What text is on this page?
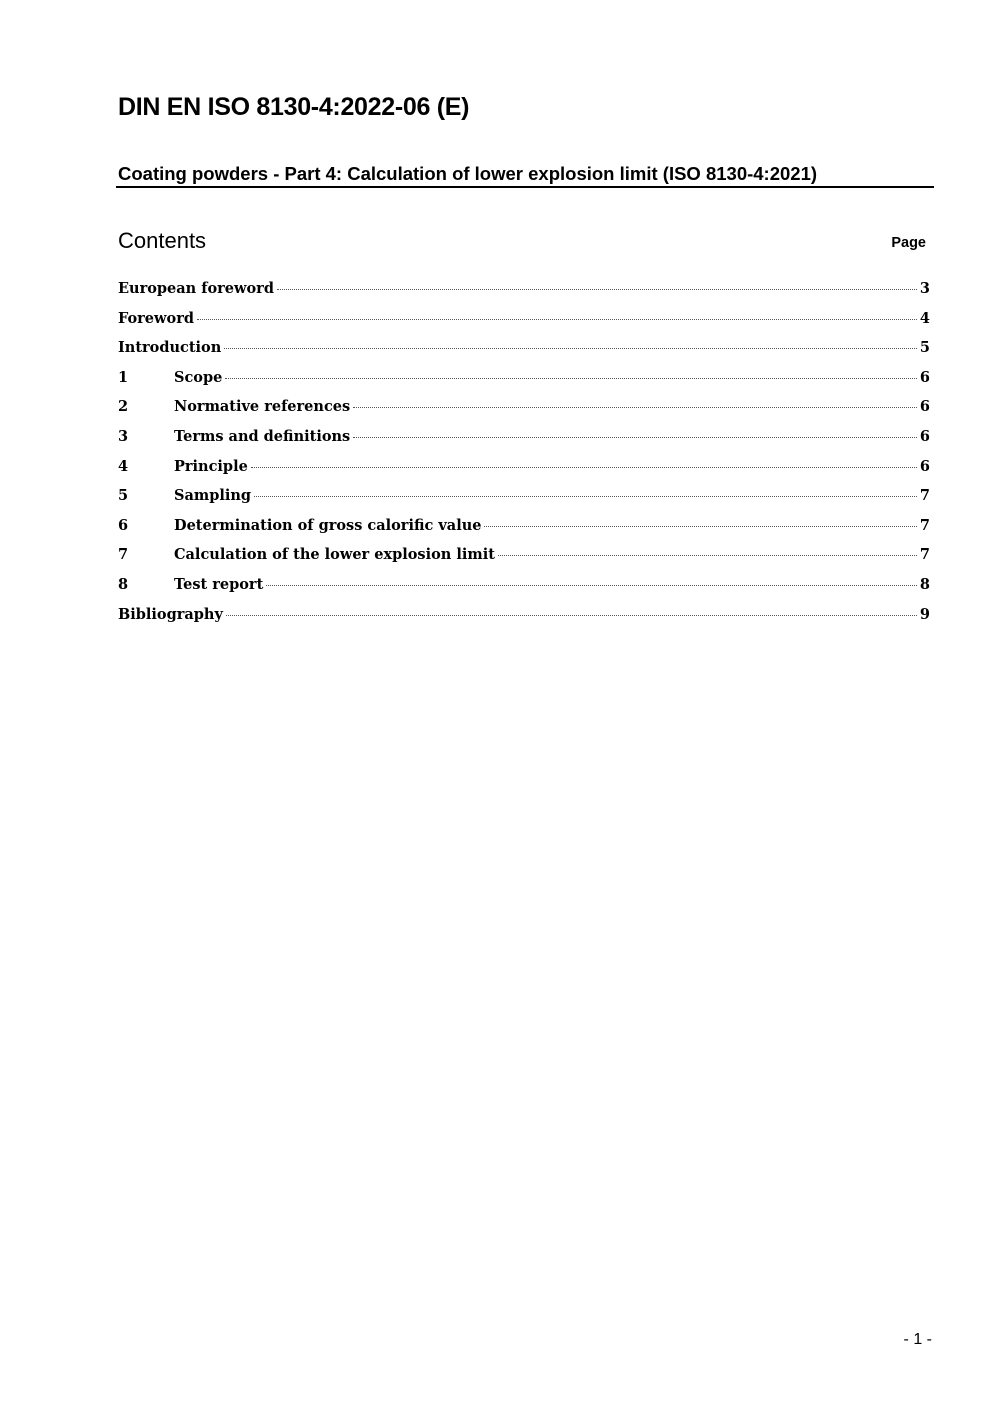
DIN EN ISO 8130-4:2022-06 (E)
Coating powders - Part 4: Calculation of lower explosion limit (ISO 8130-4:2021)
Contents	Page
European foreword	3
Foreword	4
Introduction	5
1	Scope	6
2	Normative references	6
3	Terms and definitions	6
4	Principle	6
5	Sampling	7
6	Determination of gross calorific value	7
7	Calculation of the lower explosion limit	7
8	Test report	8
Bibliography	9
- 1 -
